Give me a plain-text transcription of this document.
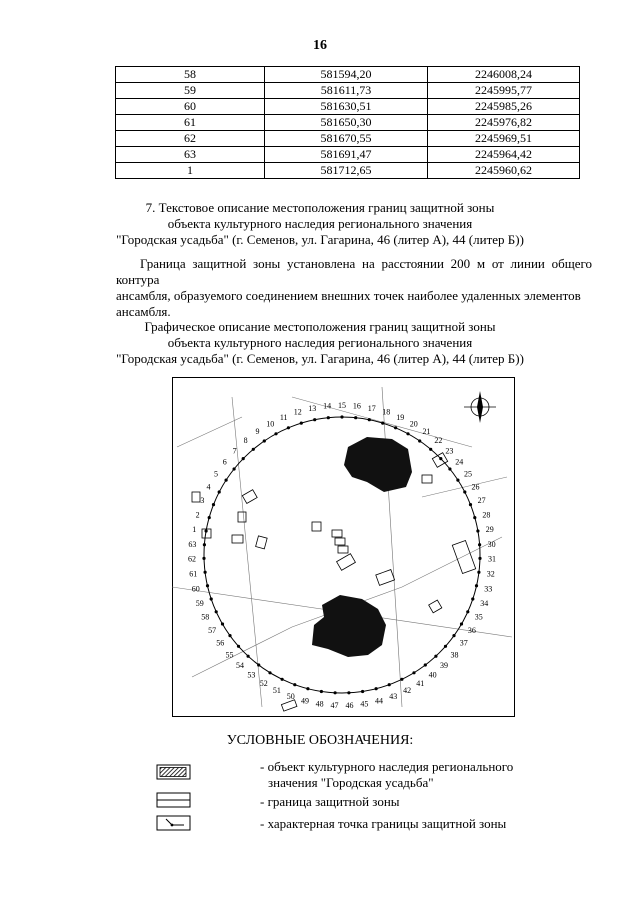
16
58	581594,20	2246008,24
59	581611,73	2245995,77
60	581630,51	2245985,26
61	581650,30	2245976,82
62	581670,55	2245969,51
63	581691,47	2245964,42
1	581712,65	2245960,62
7. Текстовое описание местоположения границ защитной зоны
объекта культурного наследия регионального значения
"Городская усадьба" (г. Семенов, ул. Гагарина, 46 (литер А), 44 (литер Б))
Граница защитной зоны установлена на расстоянии 200 м от линии общего контура
ансамбля, образуемого соединением внешних точек наиболее удаленных элементов
ансамбля.
Графическое описание местоположения границ защитной зоны
объекта культурного наследия регионального значения
"Городская усадьба" (г. Семенов, ул. Гагарина, 46 (литер А), 44 (литер Б))
1
2
3
4
5
6
7
8
9
10
11
12 13 14 15 16 17 18
19
20
21
22
23
24
25
26
27
28
29
30
31
32
33
34
35
36
37
38
39
40
41
42
43
44
45
46
47
48
49
50
51
52
53
54
55
56
57
58
59
60
61
62
63
УСЛОВНЫЕ ОБОЗНАЧЕНИЯ:
- объект культурного наследия регионального
значения "Городская усадьба"
- граница защитной зоны
- характерная точка границы защитной зоны
